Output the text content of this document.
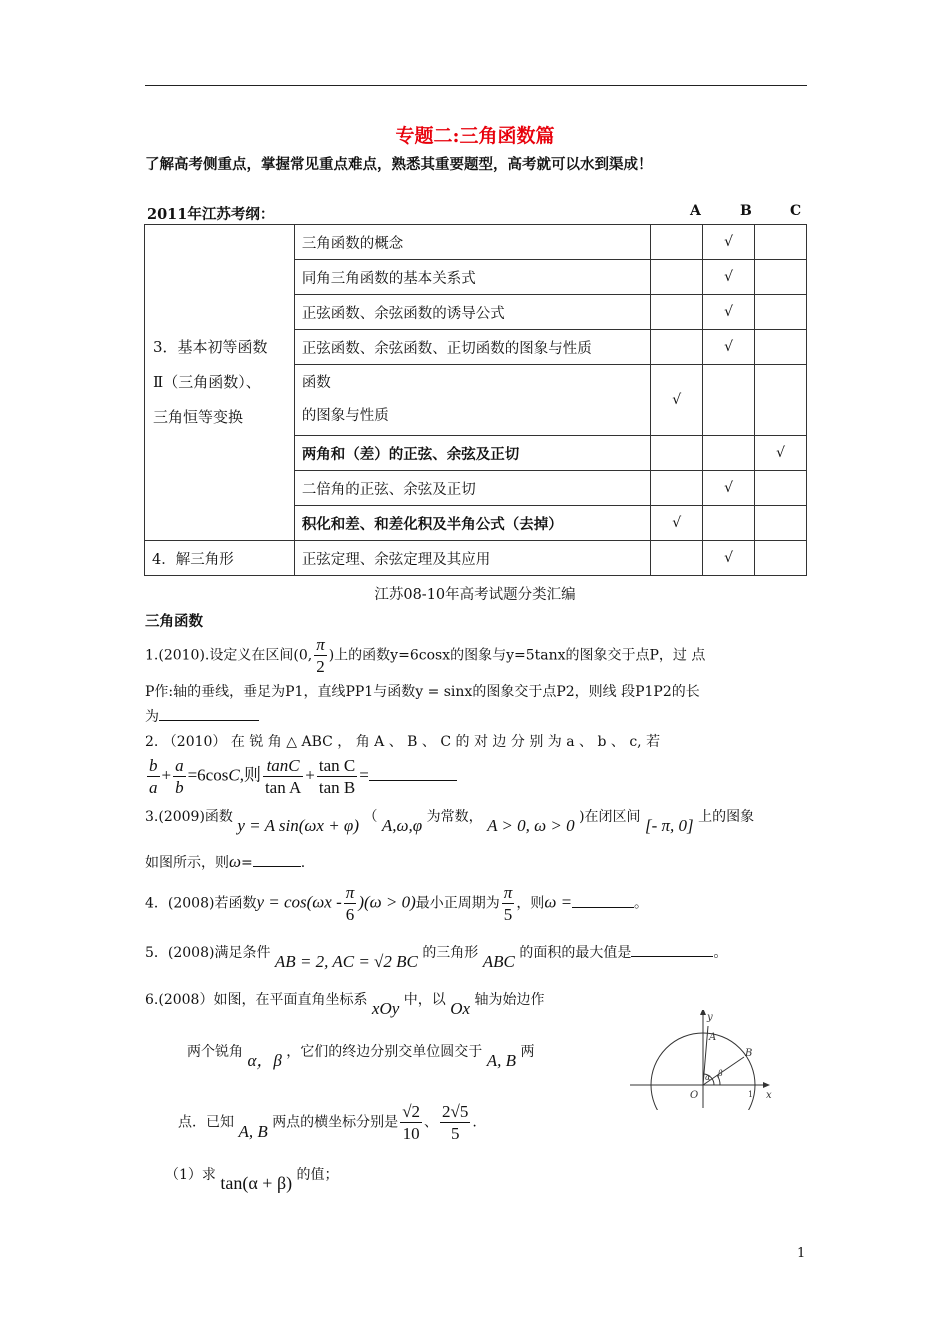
专题二:三角函数篇
了解高考侧重点，掌握常见重点难点，熟悉其重要题型，高考就可以水到渠成！
2011年江苏考纲：	A	B	C
3．基本初等函数
Ⅱ（三角函数）、
三角恒等变换	三角函数的概念		√	
	同角三角函数的基本关系式		√	
	正弦函数、余弦函数的诱导公式		√	
	正弦函数、余弦函数、正切函数的图象与性质		√	

	函数
的图象与性质	√		
	两角和（差）的正弦、余弦及正切			√
	二倍角的正弦、余弦及正切		√	
	积化和差、和差化积及半角公式（去掉）	√		
4．解三角形	正弦定理、余弦定理及其应用		√	
江苏08-10年高考试题分类汇编
三角函数
1.(2010).设定义在区间(0, $\frac{\pi}{2}$ )上的函数y=6cosx的图象与y=5tanx的图象交于点P，过 点
P作:轴的垂线，垂足为P1，直线PP1与函数y = sinx的图象交于点P2，则线 段P1P2的长
为
2. （2010） 在 锐 角 △ ABC ， 角 A 、 B 、 C 的 对 边 分 别 为 a 、 b 、 c, 若
$\frac{b}{a} + \frac{a}{b} =6\cos C$,则 $\frac{\tan C}{\text{tan A}} + \frac{\text{tan C}}{\text{tan B}}$ =
3.(2009)函数 y = A sin(ωx + φ) （ A,ω,φ 为常数， A > 0, ω > 0 )在闭区间 [- π, 0] 上的图象
如图所示，则ω=	.
4．(2008)若函数$y = \cos(\omega x - \frac{\pi}{6} )(\omega > 0)$最小正周期为 $\frac{\pi}{5}$ ，则ω =	。
5．(2008)满足条件 AB = 2, AC = √2 BC 的三角形 ABC 的面积的最大值是	。
6.(2008）如图，在平面直角坐标系 xOy 中，以 Ox 轴为始边作
两个锐角 α，β ，它们的终边分别交单位圆交于 A, B 两
点．已知 A, B 两点的横坐标分别是 $\frac{√2}{10}$ 、 $\frac{2√5}{5}$ .
（1）求 tan(α + β) 的值；
y
x
O
A
B
α β
1
1
